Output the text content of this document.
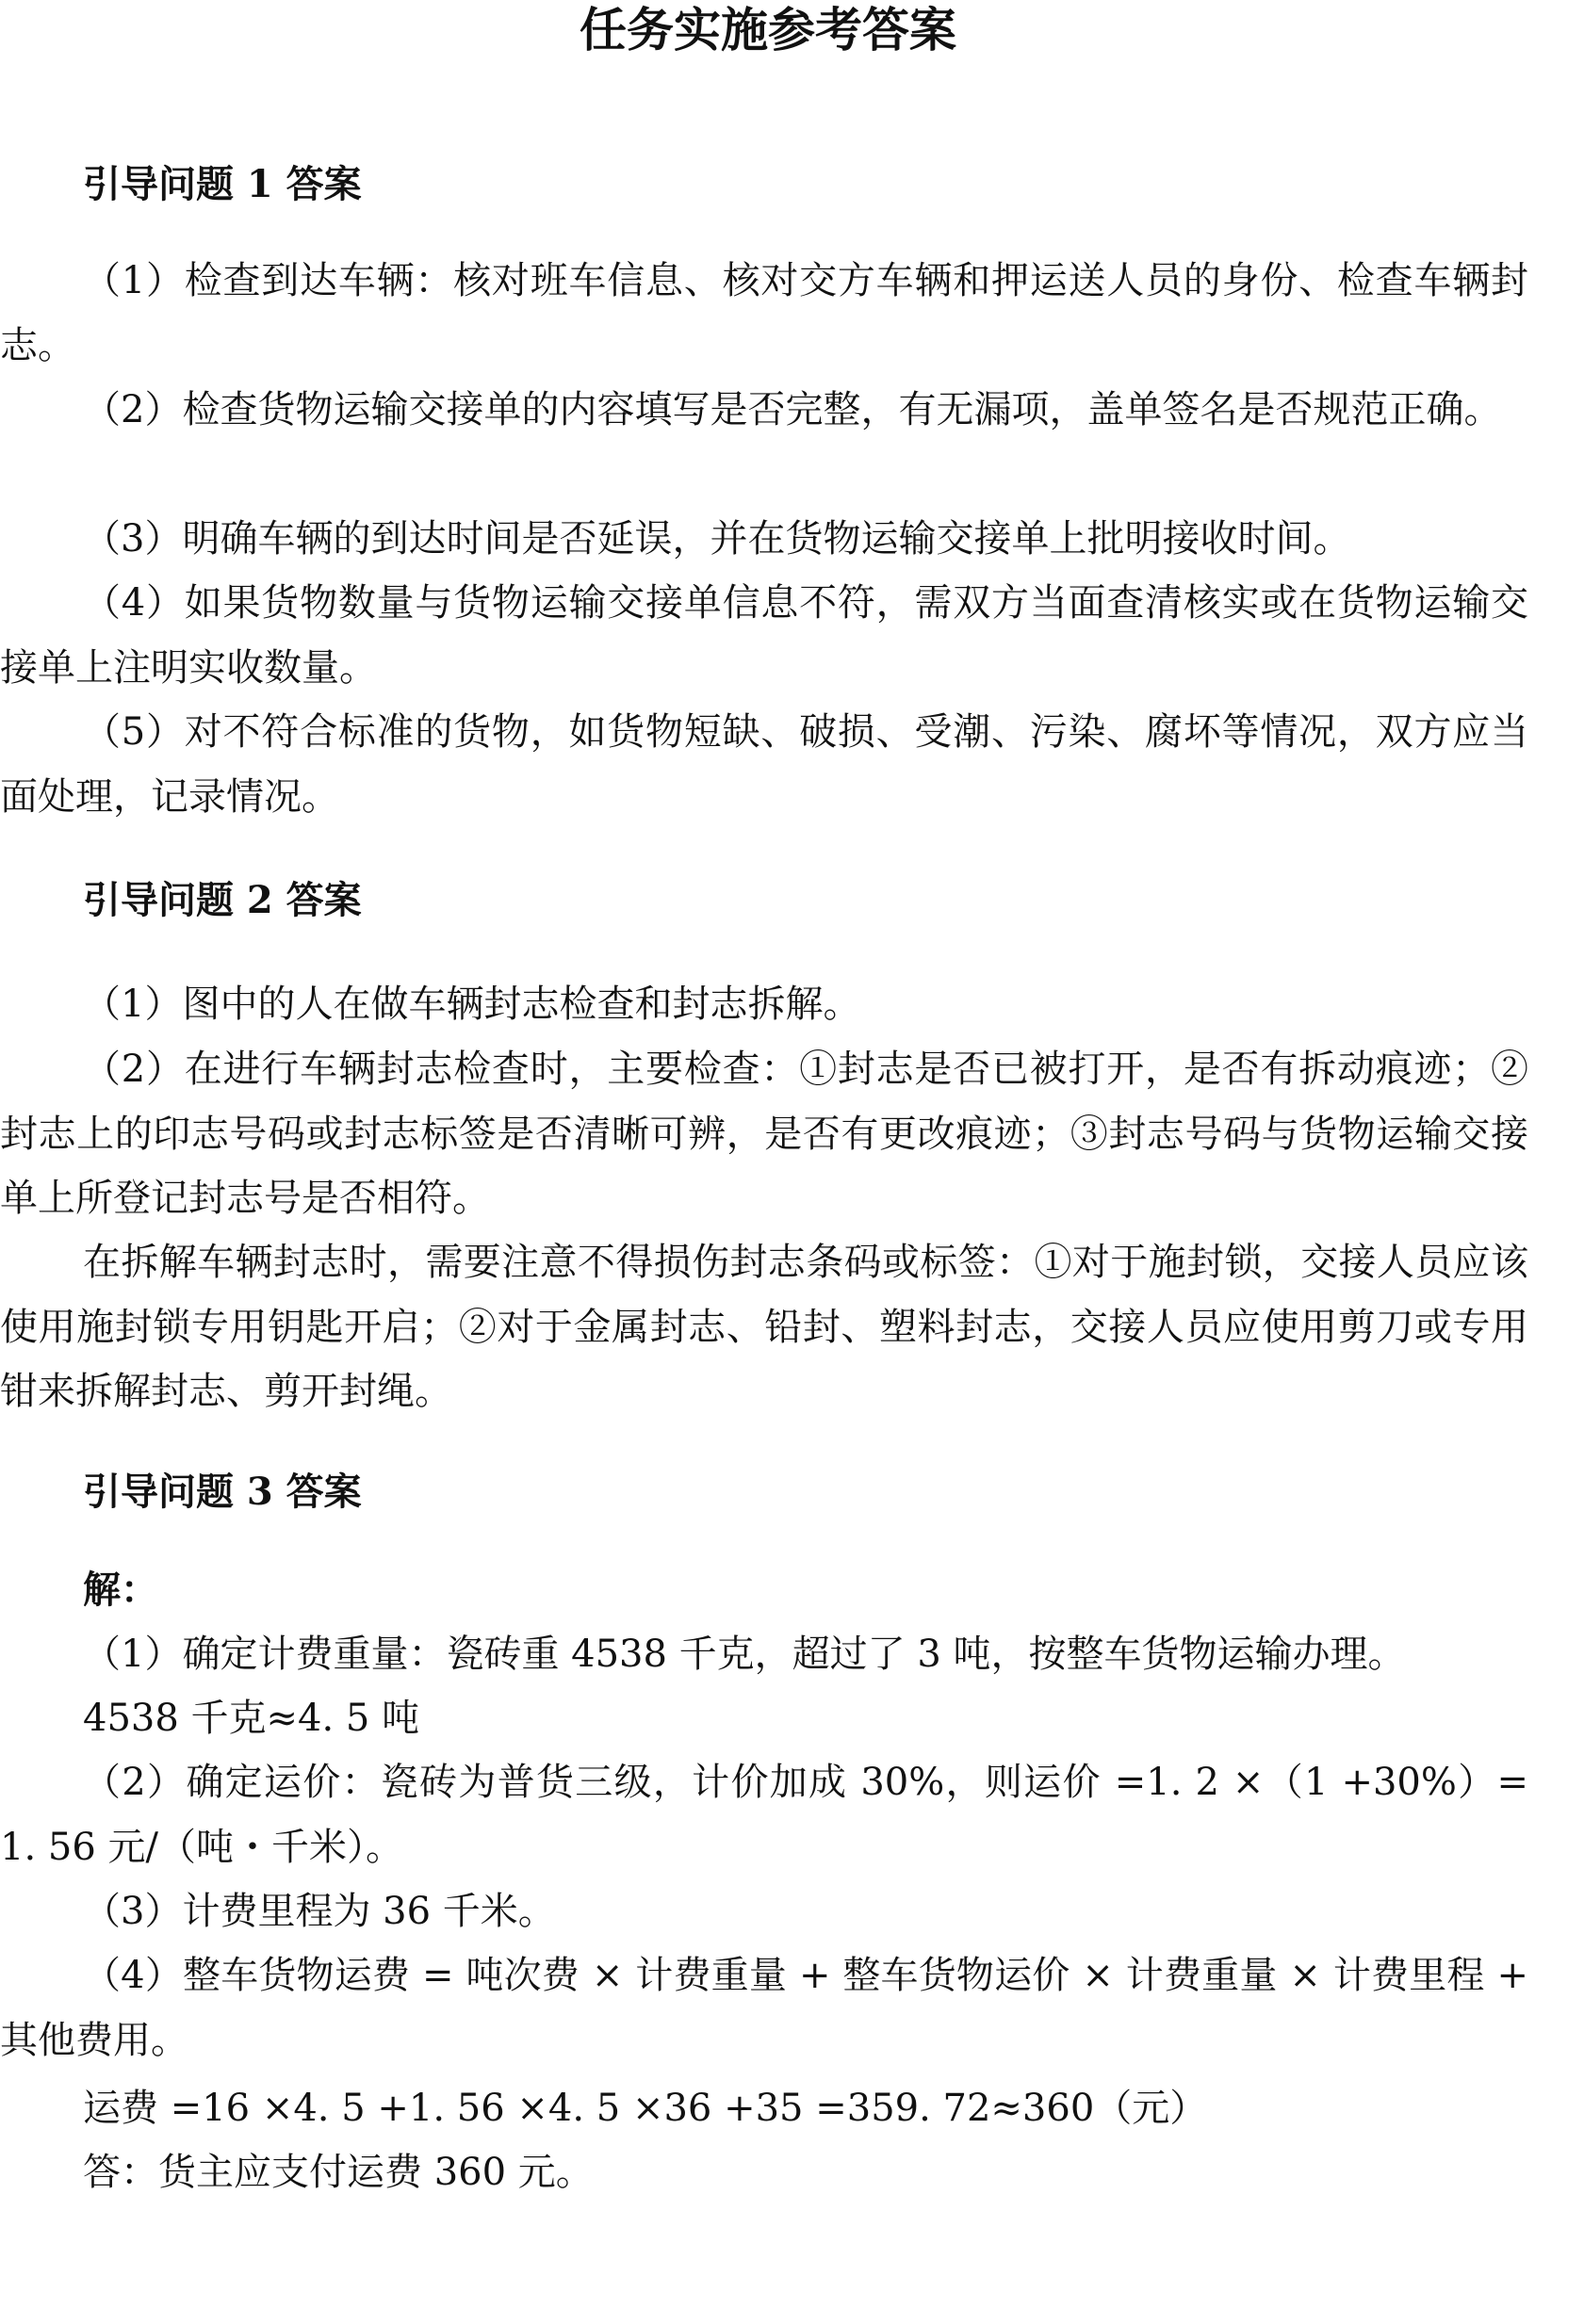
任务实施参考答案
引导问题 1 答案

（1）检查到达车辆：核对班车信息、核对交方车辆和押运送人员的身份、检查车辆封志。

（2）检查货物运输交接单的内容填写是否完整，有无漏项，盖单签名是否规范正确。

（3）明确车辆的到达时间是否延误，并在货物运输交接单上批明接收时间。

（4）如果货物数量与货物运输交接单信息不符，需双方当面查清核实或在货物运输交接单上注明实收数量。

（5）对不符合标准的货物，如货物短缺、破损、受潮、污染、腐坏等情况，双方应当面处理，记录情况。

引导问题 2 答案

（1）图中的人在做车辆封志检查和封志拆解。

（2）在进行车辆封志检查时，主要检查：①封志是否已被打开，是否有拆动痕迹；②封志上的印志号码或封志标签是否清晰可辨，是否有更改痕迹；③封志号码与货物运输交接单上所登记封志号是否相符。

在拆解车辆封志时，需要注意不得损伤封志条码或标签：①对于施封锁，交接人员应该使用施封锁专用钥匙开启；②对于金属封志、铅封、塑料封志，交接人员应使用剪刀或专用钳来拆解封志、剪开封绳。

引导问题 3 答案

解：

（1）确定计费重量：瓷砖重 4538 千克，超过了 3 吨，按整车货物运输办理。

4538 千克≈4. 5 吨

（2）确定运价：瓷砖为普货三级，计价加成 30%，则运价 =1. 2 ×（1 +30%）= 1. 56 元/（吨・千米）。

（3）计费里程为 36 千米。

（4）整车货物运费 = 吨次费 × 计费重量 + 整车货物运价 × 计费重量 × 计费里程 + 其他费用。

运费 =16 ×4. 5 +1. 56 ×4. 5 ×36 +35 =359. 72≈360（元）

答：货主应支付运费 360 元。
